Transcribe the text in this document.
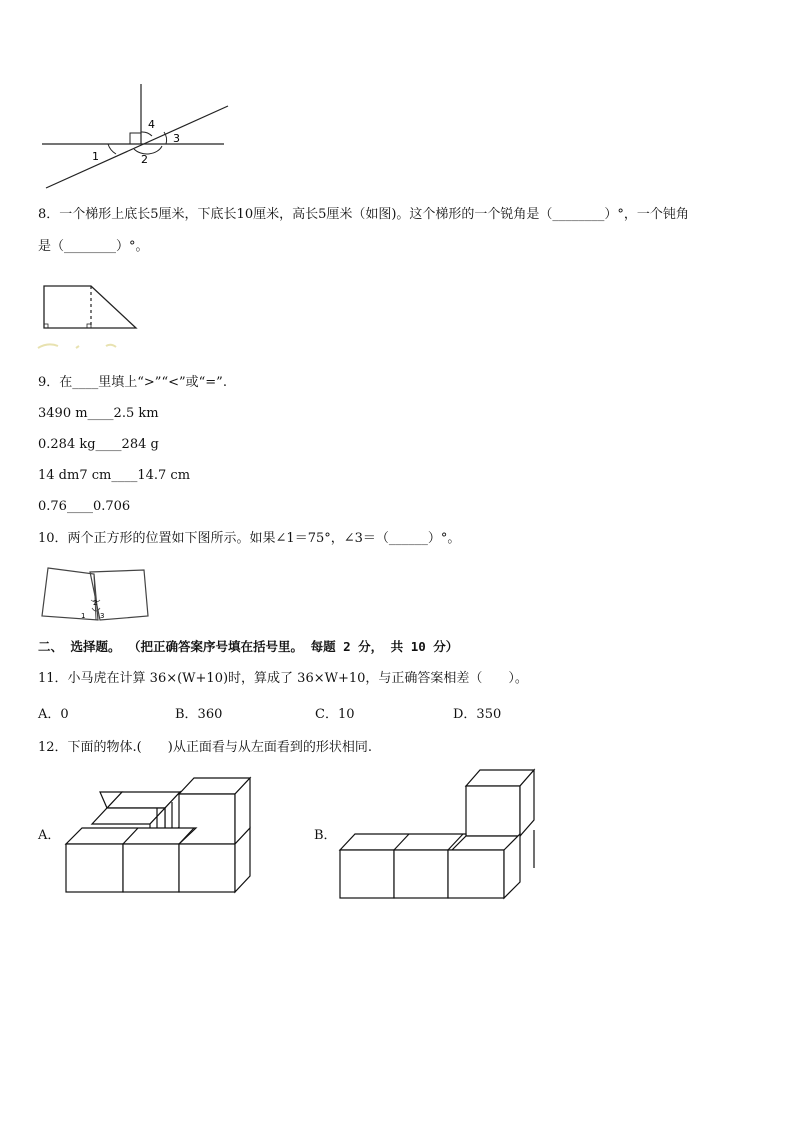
1	2
3
4
8．一个梯形上底长5厘米，下底长10厘米，高长5厘米（如图)。这个梯形的一个锐角是（________）°，一个钝角
是（________）°。
9．在____里填上“>”“<”或“=”.
3490 m____2.5 km
0.284 kg____284 g
14 dm7 cm____14.7 cm
0.76____0.706
10．两个正方形的位置如下图所示。如果∠1＝75°，∠3＝（______）°。
1
2
3
二、 选择题。 （把正确答案序号填在括号里。 每题 2 分， 共 10 分）
11．小马虎在计算 36×(W+10)时，算成了 36×W+10，与正确答案相差（　　）。
A．0	B．360	C．10	D．350
12．下面的物体.(　　)从正面看与从左面看到的形状相同.
A．	B．
